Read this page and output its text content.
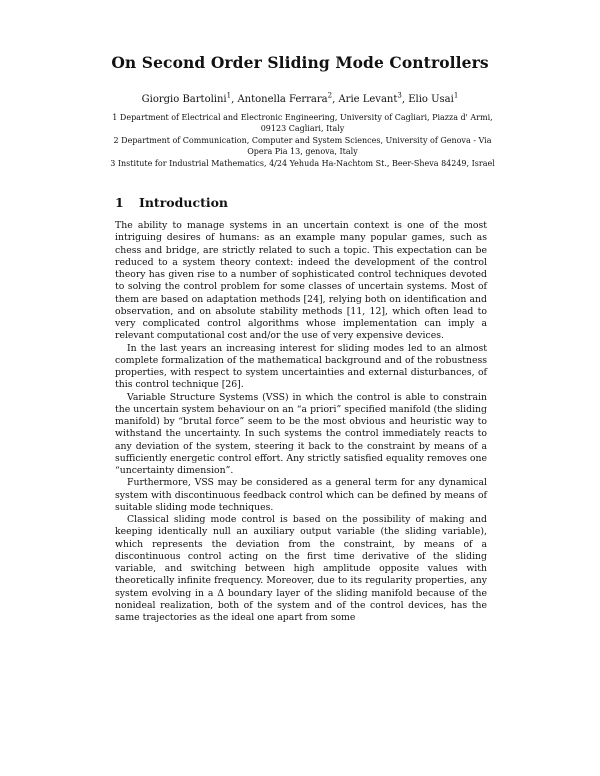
On Second Order Sliding Mode Controllers
Giorgio Bartolini$^1$, Antonella Ferrara$^2$, Arie Levant$^3$, Elio Usai$^1$

1 Department of Electrical and Electronic Engineering, University of Cagliari, Piazza d' Armi, 09123 Cagliari, Italy

2 Department of Communication, Computer and System Sciences, University of Genova - Via Opera Pia 13, genova, Italy

3 Institute for Industrial Mathematics, 4/24 Yehuda Ha-Nachtom St., Beer-Sheva 84249, Israel

1 Introduction

The ability to manage systems in an uncertain context is one of the most intriguing desires of humans: as an example many popular games, such as chess and bridge, are strictly related to such a topic. This expectation can be reduced to a system theory context: indeed the development of the control theory has given rise to a number of sophisticated control techniques devoted to solving the control problem for some classes of uncertain systems. Most of them are based on adaptation methods [24], relying both on identification and observation, and on absolute stability methods [11, 12], which often lead to very complicated control algorithms whose implementation can imply a relevant computational cost and/or the use of very expensive devices.

In the last years an increasing interest for sliding modes led to an almost complete formalization of the mathematical background and of the robustness properties, with respect to system uncertainties and external disturbances, of this control technique [26].

Variable Structure Systems (VSS) in which the control is able to constrain the uncertain system behaviour on an “a priori” specified manifold (the sliding manifold) by “brutal force” seem to be the most obvious and heuristic way to withstand the uncertainty. In such systems the control immediately reacts to any deviation of the system, steering it back to the constraint by means of a sufficiently energetic control effort. Any strictly satisfied equality removes one “uncertainty dimension”.

Furthermore, VSS may be considered as a general term for any dynamical system with discontinuous feedback control which can be defined by means of suitable sliding mode techniques.

Classical sliding mode control is based on the possibility of making and keeping identically null an auxiliary output variable (the sliding variable), which represents the deviation from the constraint, by means of a discontinuous control acting on the first time derivative of the sliding variable, and switching between high amplitude opposite values with theoretically infinite frequency. Moreover, due to its regularity properties, any system evolving in a Δ boundary layer of the sliding manifold because of the nonideal realization, both of the system and of the control devices, has the same trajectories as the ideal one apart from some
